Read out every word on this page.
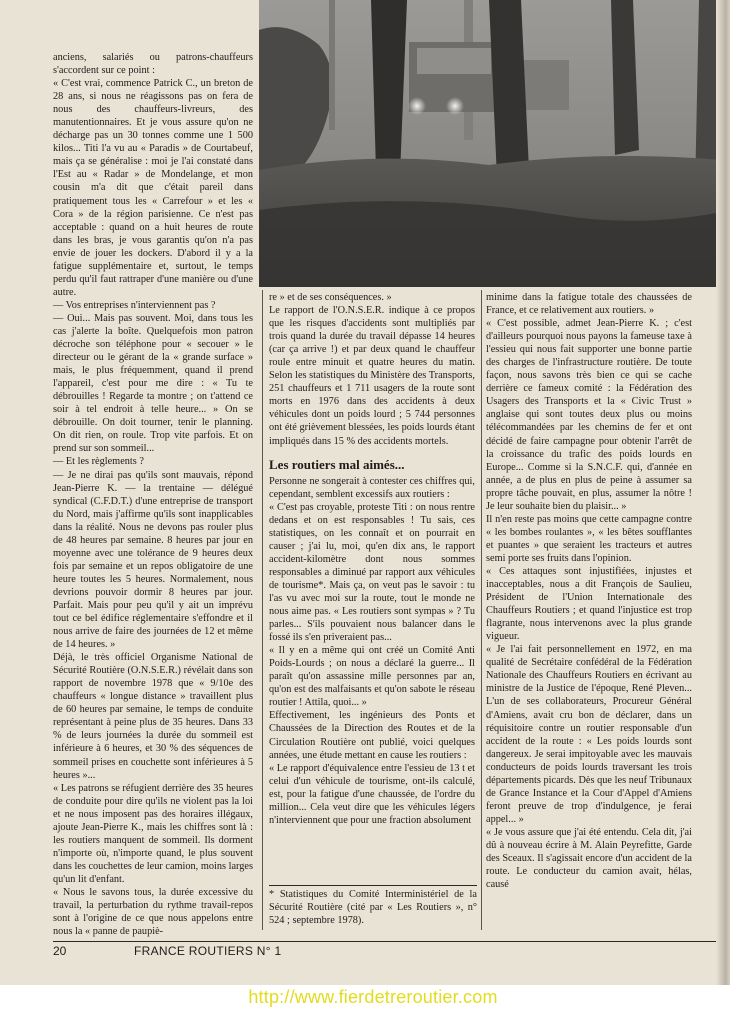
anciens, salariés ou patrons-chauffeurs s'accordent sur ce point :

« C'est vrai, commence Patrick C., un breton de 28 ans, si nous ne réagissons pas on fera de nous des chauffeurs-livreurs, des manutentionnaires. Et je vous assure qu'on ne décharge pas un 30 tonnes comme une 1 500 kilos... Titi l'a vu au « Paradis » de Courtabeuf, mais ça se généralise : moi je l'ai constaté dans l'Est au « Radar » de Mondelange, et mon cousin m'a dit que c'était pareil dans pratiquement tous les « Carrefour » et les « Cora » de la région parisienne. Ce n'est pas acceptable : quand on a huit heures de route dans les bras, je vous garantis qu'on n'a pas envie de jouer les dockers. D'abord il y a la fatigue supplémentaire et, surtout, le temps perdu qu'il faut rattraper d'une manière ou d'une autre.

— Vos entreprises n'interviennent pas ?

— Oui... Mais pas souvent. Moi, dans tous les cas j'alerte la boîte. Quelquefois mon patron décroche son téléphone pour « secouer » le directeur ou le gérant de la « grande surface » mais, le plus fréquemment, quand il prend l'appareil, c'est pour me dire : « Tu te débrouilles ! Regarde ta montre ; on t'attend ce soir à tel endroit à telle heure... » On se débrouille. On doit tourner, tenir le planning. On dit rien, on roule. Trop vite parfois. Et on prend sur son sommeil...

— Et les règlements ?

— Je ne dirai pas qu'ils sont mauvais, répond Jean-Pierre K. — la trentaine — délégué syndical (C.F.D.T.) d'une entreprise de transport du Nord, mais j'affirme qu'ils sont inapplicables dans la réalité. Nous ne devons pas rouler plus de 48 heures par semaine. 8 heures par jour en moyenne avec une tolérance de 9 heures deux fois par semaine et un repos obligatoire de une heure toutes les 5 heures. Normalement, nous devrions pouvoir dormir 8 heures par jour. Parfait. Mais pour peu qu'il y ait un imprévu tout ce bel édifice réglementaire s'effondre et il nous arrive de faire des journées de 12 et même de 14 heures. »

Déjà, le très officiel Organisme National de Sécurité Routière (O.N.S.E.R.) révélait dans son rapport de novembre 1978 que « 9/10e des chauffeurs « longue distance » travaillent plus de 60 heures par semaine, le temps de conduite représentant à peine plus de 35 heures. Dans 33 % de leurs journées la durée du sommeil est inférieure à 6 heures, et 30 % des séquences de sommeil prises en couchette sont inférieures à 5 heures »...

« Les patrons se réfugient derrière des 35 heures de conduite pour dire qu'ils ne violent pas la loi et ne nous imposent pas des horaires illégaux, ajoute Jean-Pierre K., mais les chiffres sont là : les routiers manquent de sommeil. Ils dorment n'importe où, n'importe quand, le plus souvent dans les couchettes de leur camion, moins larges qu'un lit d'enfant.

« Nous le savons tous, la durée excessive du travail, la perturbation du rythme travail-repos sont à l'origine de ce que nous appelons entre nous la « panne de paupiè-

re » et de ses conséquences. »

Le rapport de l'O.N.S.E.R. indique à ce propos que les risques d'accidents sont multipliés par trois quand la durée du travail dépasse 14 heures (car ça arrive !) et par deux quand le chauffeur roule entre minuit et quatre heures du matin. Selon les statistiques du Ministère des Transports, 251 chauffeurs et 1 711 usagers de la route sont morts en 1976 dans des accidents à deux véhicules dont un poids lourd ; 5 744 personnes ont été grièvement blessées, les poids lourds étant impliqués dans 15 % des accidents mortels.

Les routiers mal aimés...

Personne ne songerait à contester ces chiffres qui, cependant, semblent excessifs aux routiers :

« C'est pas croyable, proteste Titi : on nous rentre dedans et on est responsables ! Tu sais, ces statistiques, on les connaît et on pourrait en causer ; j'ai lu, moi, qu'en dix ans, le rapport accident-kilomètre dont nous sommes responsables a diminué par rapport aux véhicules de tourisme*. Mais ça, on veut pas le savoir : tu l'as vu avec moi sur la route, tout le monde ne nous aime pas. « Les routiers sont sympas » ? Tu parles... S'ils pouvaient nous balancer dans le fossé ils s'en priveraient pas...

« Il y en a même qui ont créé un Comité Anti Poids-Lourds ; on nous a déclaré la guerre... Il paraît qu'on assassine mille personnes par an, qu'on est des malfaisants et qu'on sabote le réseau routier ! Attila, quoi... »

Effectivement, les ingénieurs des Ponts et Chaussées de la Direction des Routes et de la Circulation Routière ont publié, voici quelques années, une étude mettant en cause les routiers :

« Le rapport d'équivalence entre l'essieu de 13 t et celui d'un véhicule de tourisme, ont-ils calculé, est, pour la fatigue d'une chaussée, de l'ordre du million... Cela veut dire que les véhicules légers n'interviennent que pour une fraction absolument

* Statistiques du Comité Interministériel de la Sécurité Routière (cité par « Les Routiers », n° 524 ; septembre 1978).

minime dans la fatigue totale des chaussées de France, et ce relativement aux routiers. »

« C'est possible, admet Jean-Pierre K. ; c'est d'ailleurs pourquoi nous payons la fameuse taxe à l'essieu qui nous fait supporter une bonne partie des charges de l'infrastructure routière. De toute façon, nous savons très bien ce qui se cache derrière ce fameux comité : la Fédération des Usagers des Transports et la « Civic Trust » anglaise qui sont toutes deux plus ou moins télécommandées par les chemins de fer et ont décidé de faire campagne pour obtenir l'arrêt de la croissance du trafic des poids lourds en Europe... Comme si la S.N.C.F. qui, d'année en année, a de plus en plus de peine à assumer sa propre tâche pouvait, en plus, assumer la nôtre ! Je leur souhaite bien du plaisir... »

Il n'en reste pas moins que cette campagne contre « les bombes roulantes », « les bêtes soufflantes et puantes » que seraient les tracteurs et autres semi porte ses fruits dans l'opinion.

« Ces attaques sont injustifiées, injustes et inacceptables, nous a dit François de Saulieu, Président de l'Union Internationale des Chauffeurs Routiers ; et quand l'injustice est trop flagrante, nous intervenons avec la plus grande vigueur.

« Je l'ai fait personnellement en 1972, en ma qualité de Secrétaire confédéral de la Fédération Nationale des Chauffeurs Routiers en écrivant au ministre de la Justice de l'époque, René Pleven... L'un de ses collaborateurs, Procureur Général d'Amiens, avait cru bon de déclarer, dans un réquisitoire contre un routier responsable d'un accident de la route : « Les poids lourds sont dangereux. Je serai impitoyable avec les mauvais conducteurs de poids lourds traversant les trois départements picards. Dès que les neuf Tribunaux de Grance Instance et la Cour d'Appel d'Amiens feront preuve de trop d'indulgence, je ferai appel... »

« Je vous assure que j'ai été entendu. Cela dit, j'ai dû à nouveau écrire à M. Alain Peyrefitte, Garde des Sceaux. Il s'agissait encore d'un accident de la route. Le conducteur du camion avait, hélas, causé

20	FRANCE ROUTIERS N° 1
http://www.fierdetreroutier.com
